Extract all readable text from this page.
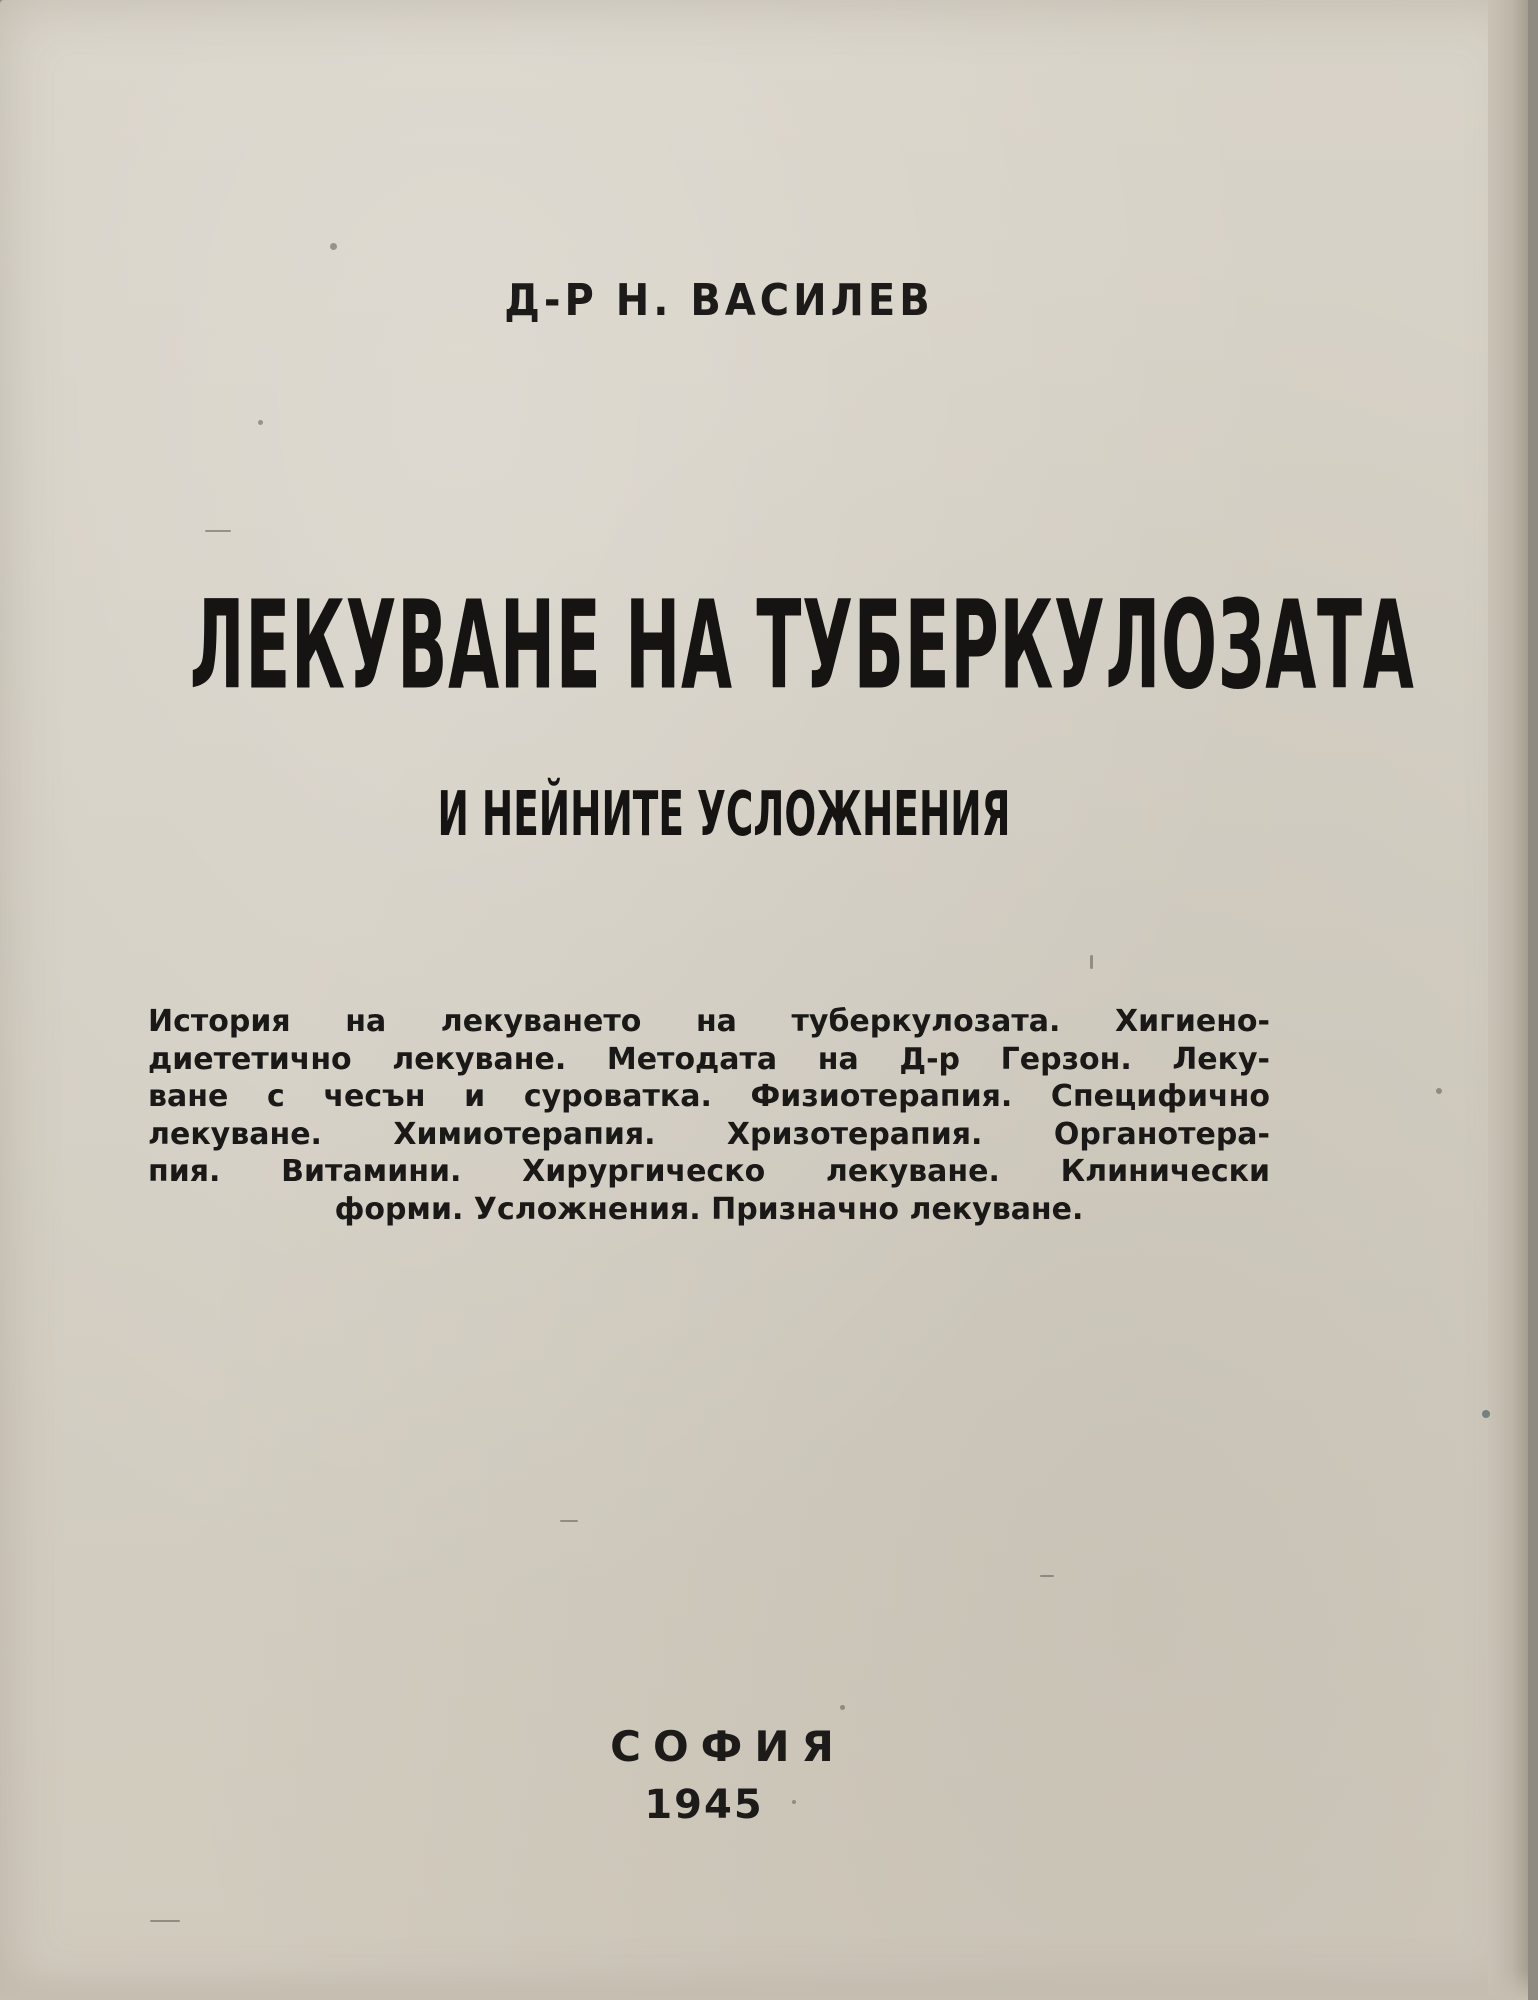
Д-Р Н. ВАСИЛЕВ
ЛЕКУВАНЕ НА ТУБЕРКУЛОЗАТА
И НЕЙНИТЕ УСЛОЖНЕНИЯ
История на лекуването на туберкулозата. Хигиено-
диететично лекуване. Методата на Д-р Герзон. Леку-
ване с чесън и суроватка. Физиотерапия. Специфично
лекуване. Химиотерапия. Хризотерапия. Органотера-
пия. Витамини. Хирургическо лекуване. Клинически
форми. Усложнения. Признaчно лекуване.
СОФИЯ
1945
